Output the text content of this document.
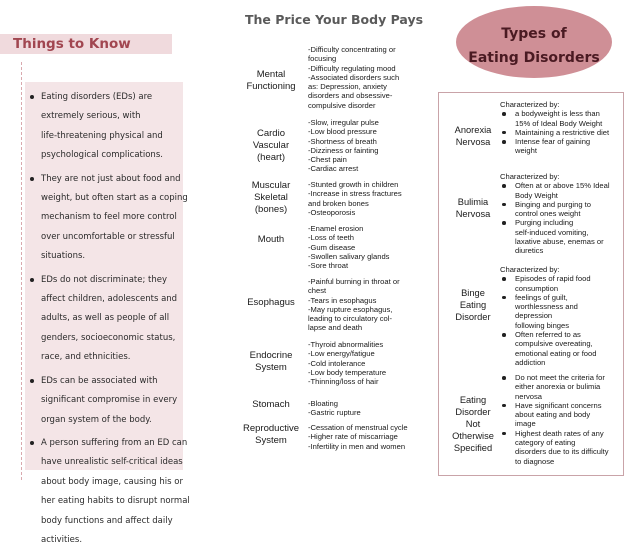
Things to Know
Eating disorders (EDs) are
extremely serious, with
life-threatening physical and
psychological complications.
They are not just about food and
weight, but often start as a coping
mechanism to feel more control
over uncomfortable or stressful
situations.
EDs do not discriminate; they
affect children, adolescents and
adults, as well as people of all
genders, socioeconomic status,
race, and ethnicities.
EDs can be associated with
significant compromise in every
organ system of the body.
A person suffering from an ED can
have unrealistic self-critical ideas
about body image, causing his or
her eating habits to disrupt normal
body functions and affect daily
activities.
The Price Your Body Pays
Mental
Functioning
-Difficulty concentrating or
focusing
-Difficulty regulating mood
-Associated disorders such
as: Depression, anxiety
disorders and obsessive-
compulsive disorder
Cardio
Vascular
(heart)
-Slow, irregular pulse
-Low blood pressure
-Shortness of breath
-Dizziness or fainting
-Chest pain
-Cardiac arrest
Muscular
Skeletal
(bones)
-Stunted growth in children
-Increase in stress fractures
and broken bones
-Osteoporosis
Mouth
-Enamel erosion
-Loss of teeth
-Gum disease
-Swollen salivary glands
-Sore throat
Esophagus
-Painful burning in throat or
chest
-Tears in esophagus
-May rupture esophagus,
leading to circulatory col-
lapse and death
Endocrine
System
-Thyroid abnormalities
-Low energy/fatigue
-Cold intolerance
-Low body temperature
-Thinning/loss of hair
Stomach	-Bloating
-Gastric rupture
Reproductive
System
-Cessation of menstrual cycle
-Higher rate of miscarriage
-Infertility in men and women
Types of
Eating Disorders
Anorexia
Nervosa
Characterized by:
a bodyweight is less than
15% of Ideal Body Weight
Maintaining a restrictive diet
Intense fear of gaining
weight
Bulimia
Nervosa
Characterized by:
Often at or above 15% Ideal
Body Weight
Binging and purging to
control ones weight
Purging including
self-induced vomiting,
laxative abuse, enemas or
diuretics
Binge
Eating
Disorder
Characterized by:
Episodes of rapid food
consumption
feelings of guilt,
worthlessness and
depression
following binges
Often referred to as
compulsive overeating,
emotional eating or food
addiction
Eating
Disorder
Not
Otherwise
Specified
Do not meet the criteria for
either anorexia or bulimia
nervosa
Have significant concerns
about eating and body
image
Highest death rates of any
category of eating
disorders due to its difficulty
to diagnose
